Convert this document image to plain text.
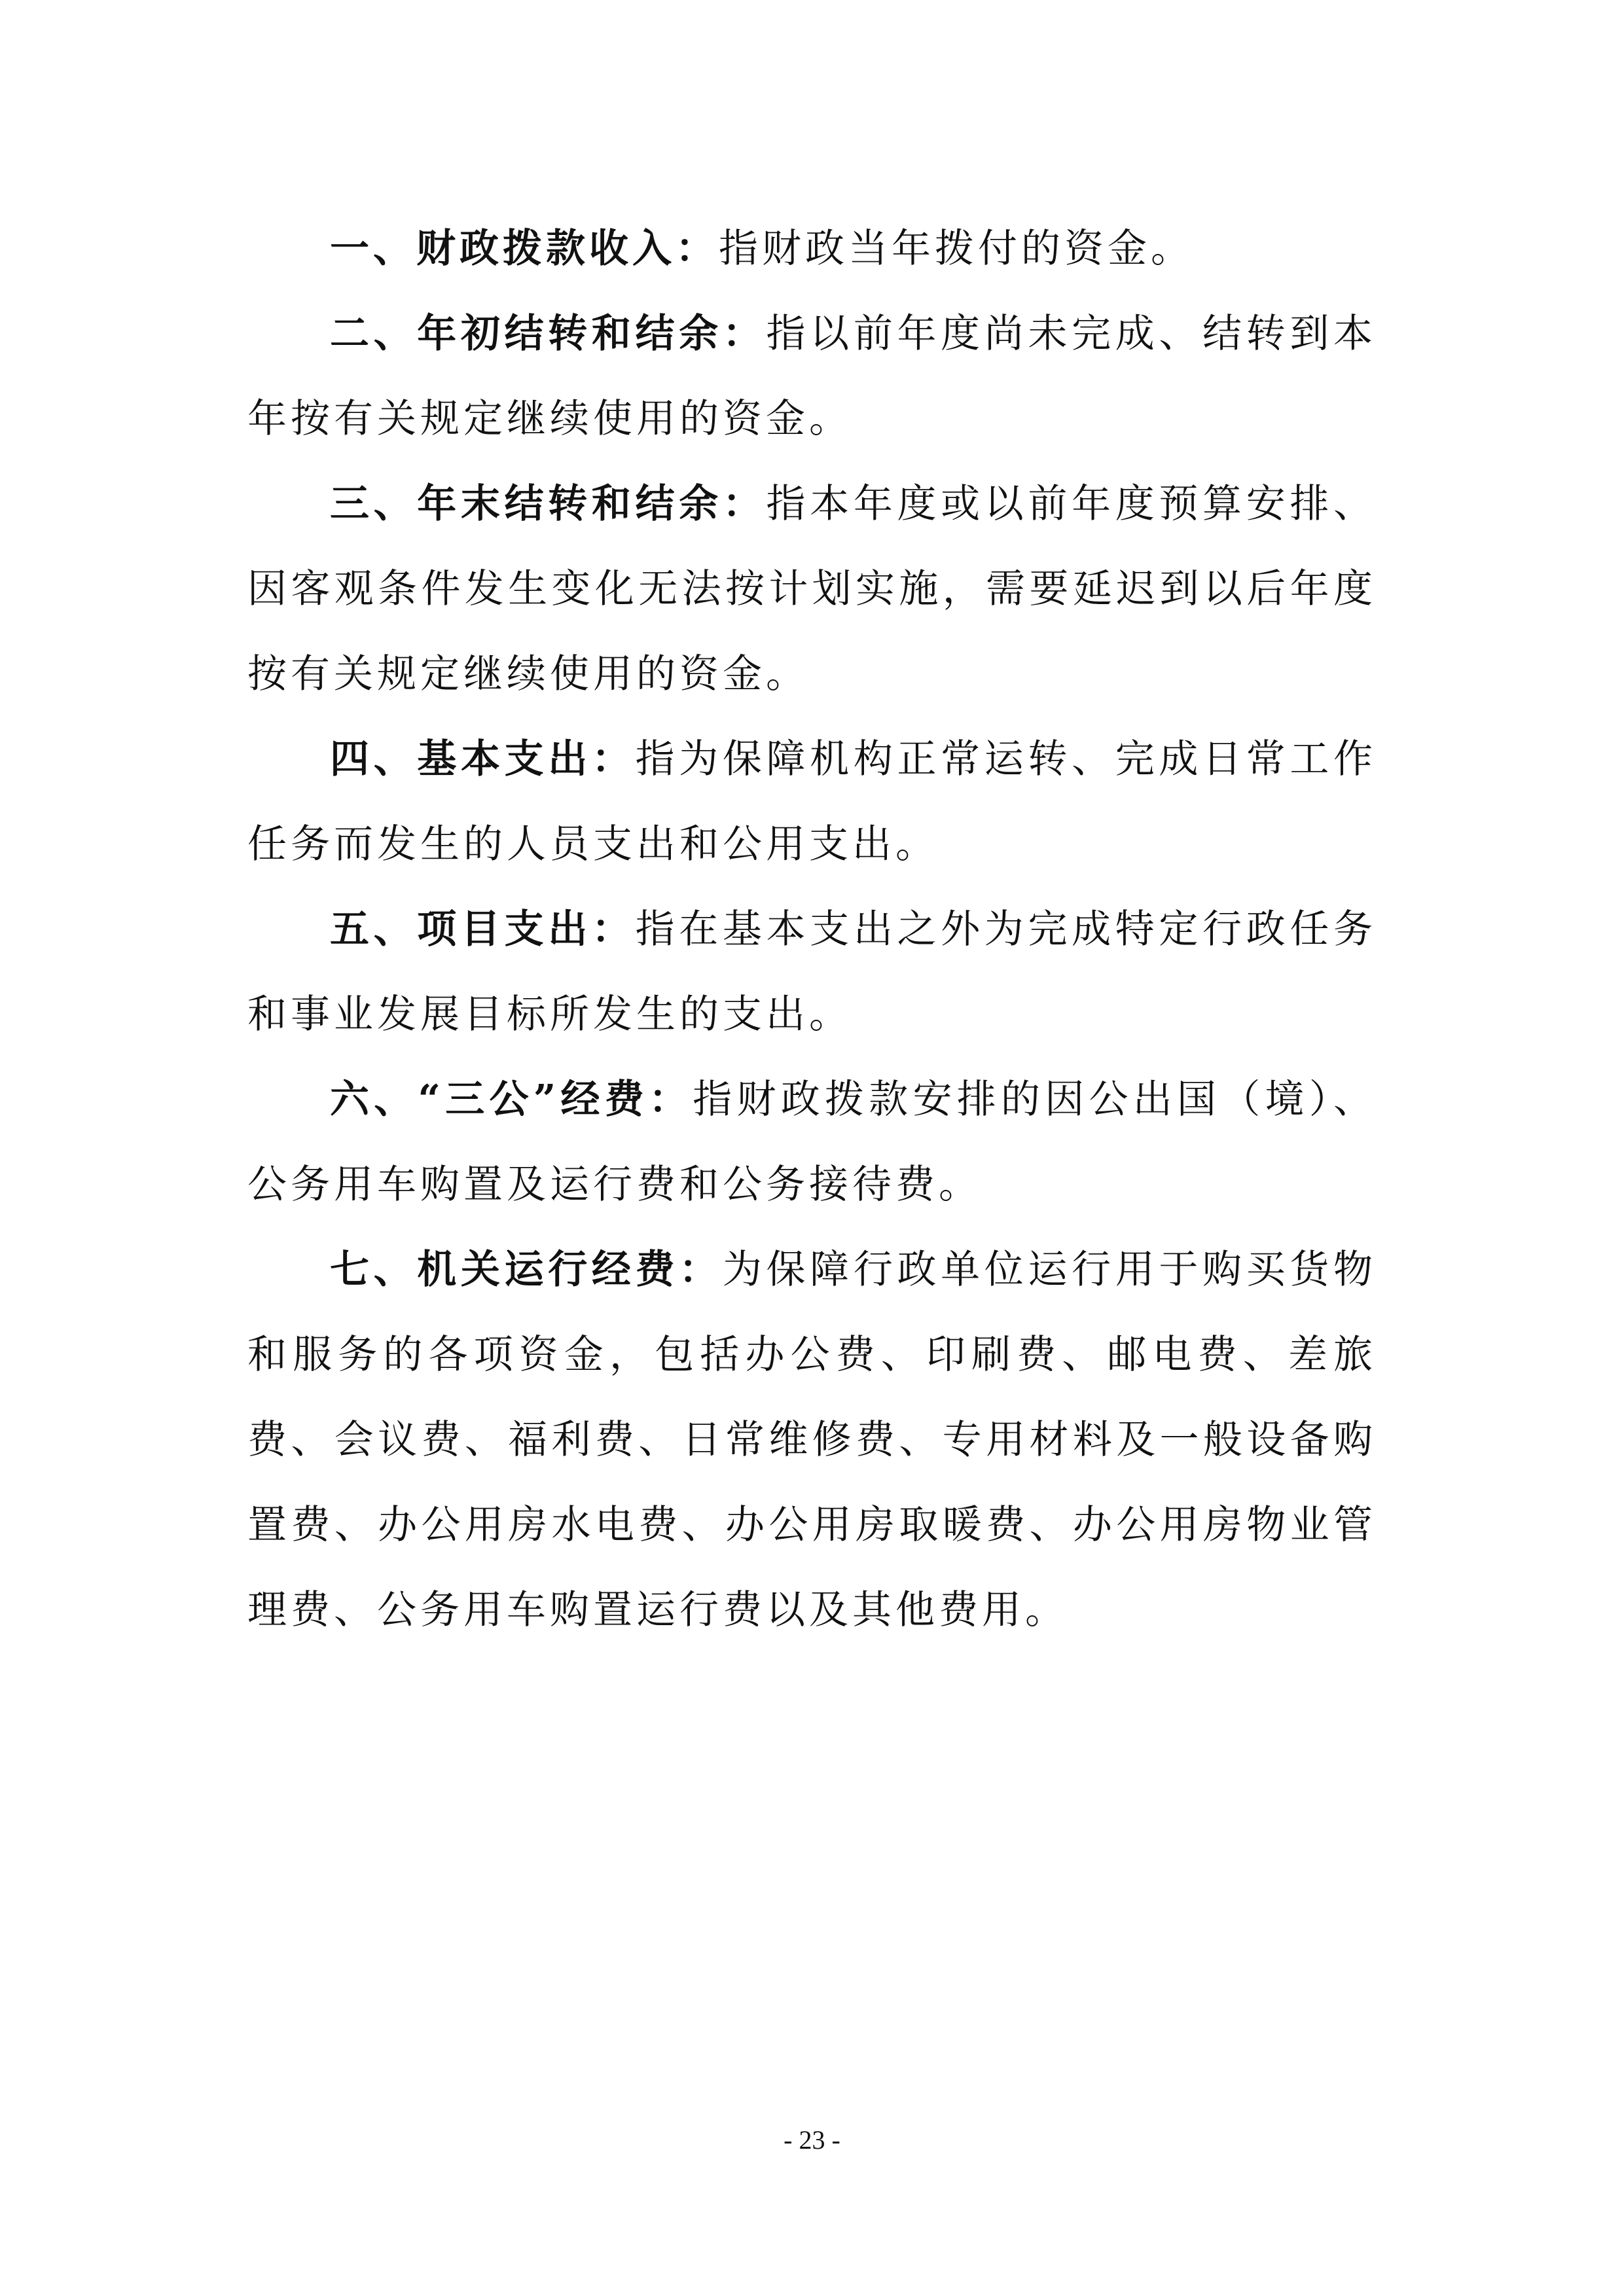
一、财政拨款收入：指财政当年拨付的资金。

二、年初结转和结余：指以前年度尚未完成、结转到本年按有关规定继续使用的资金。

三、年末结转和结余：指本年度或以前年度预算安排、因客观条件发生变化无法按计划实施，需要延迟到以后年度按有关规定继续使用的资金。

四、基本支出：指为保障机构正常运转、完成日常工作任务而发生的人员支出和公用支出。

五、项目支出：指在基本支出之外为完成特定行政任务和事业发展目标所发生的支出。

六、“三公”经费：指财政拨款安排的因公出国（境）、公务用车购置及运行费和公务接待费。

七、机关运行经费：为保障行政单位运行用于购买货物和服务的各项资金，包括办公费、印刷费、邮电费、差旅费、会议费、福利费、日常维修费、专用材料及一般设备购置费、办公用房水电费、办公用房取暖费、办公用房物业管理费、公务用车购置运行费以及其他费用。

- 23 -
